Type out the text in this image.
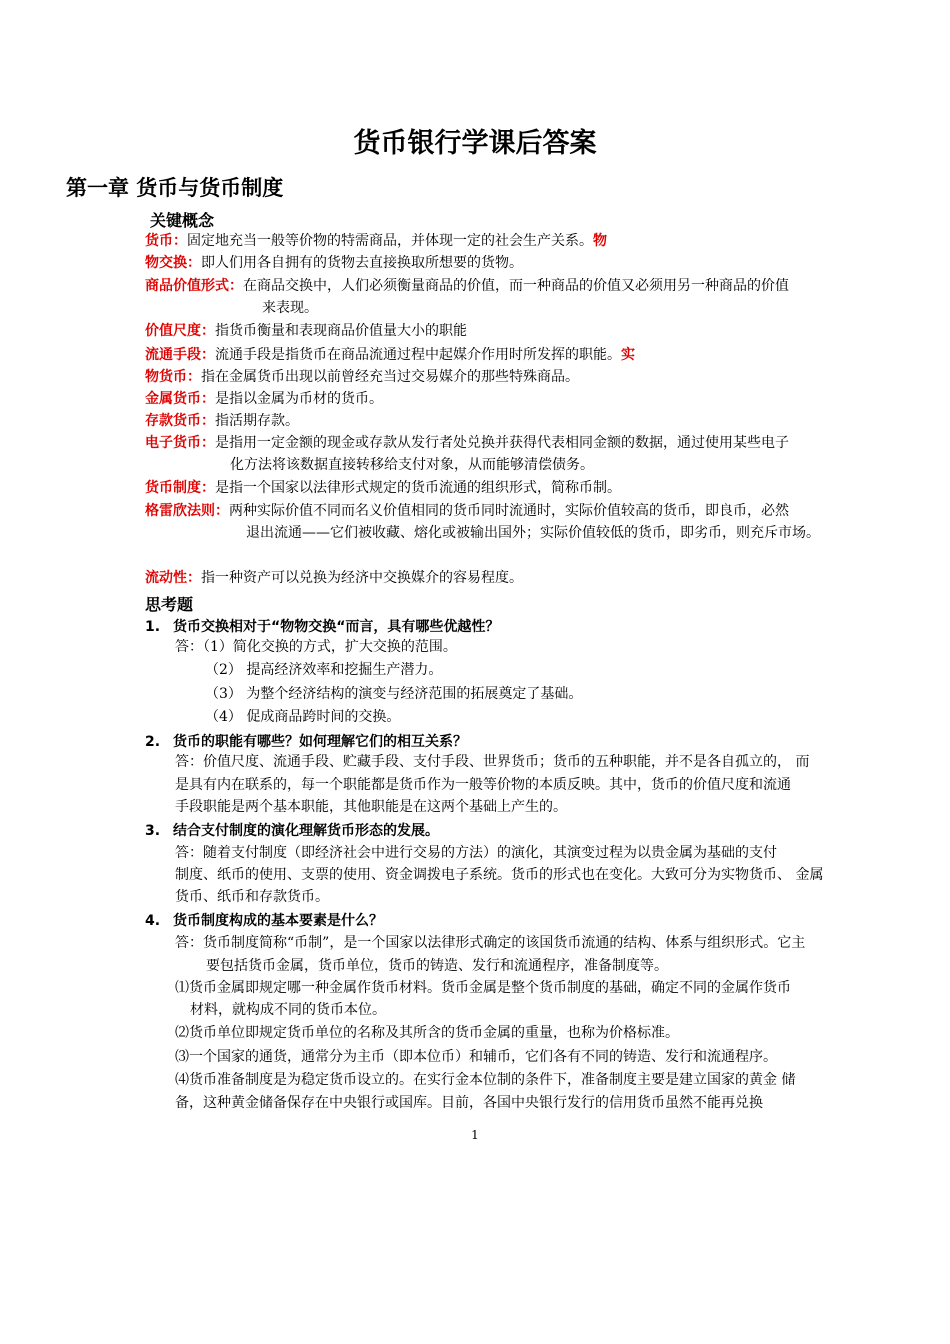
货币银行学课后答案
第一章 货币与货币制度
关键概念
货币：固定地充当一般等价物的特需商品，并体现一定的社会生产关系。物
物交换：即人们用各自拥有的货物去直接换取所想要的货物。
商品价值形式：在商品交换中，人们必须衡量商品的价值，而一种商品的价值又必须用另一种商品的价值
来表现。
价值尺度：指货币衡量和表现商品价值量大小的职能
流通手段：流通手段是指货币在商品流通过程中起媒介作用时所发挥的职能。实
物货币：指在金属货币出现以前曾经充当过交易媒介的那些特殊商品。
金属货币：是指以金属为币材的货币。
存款货币：指活期存款。
电子货币：是指用一定金额的现金或存款从发行者处兑换并获得代表相同金额的数据，通过使用某些电子
化方法将该数据直接转移给支付对象，从而能够清偿债务。
货币制度：是指一个国家以法律形式规定的货币流通的组织形式，简称币制。
格雷欣法则：两种实际价值不同而名义价值相同的货币同时流通时，实际价值较高的货币，即良币，必然
退出流通——它们被收藏、熔化或被输出国外；实际价值较低的货币，即劣币，则充斥市场。
流动性：指一种资产可以兑换为经济中交换媒介的容易程度。
思考题
1. 货币交换相对于“物物交换“而言，具有哪些优越性？
答：（1）简化交换的方式，扩大交换的范围。
（2） 提高经济效率和挖掘生产潜力。
（3） 为整个经济结构的演变与经济范围的拓展奠定了基础。
（4） 促成商品跨时间的交换。
2. 货币的职能有哪些？如何理解它们的相互关系？
答：价值尺度、流通手段、贮藏手段、支付手段、世界货币；货币的五种职能，并不是各自孤立的， 而
是具有内在联系的，每一个职能都是货币作为一般等价物的本质反映。其中，货币的价值尺度和流通
手段职能是两个基本职能，其他职能是在这两个基础上产生的。
3. 结合支付制度的演化理解货币形态的发展。
答：随着支付制度（即经济社会中进行交易的方法）的演化，其演变过程为以贵金属为基础的支付
制度、纸币的使用、支票的使用、资金调拨电子系统。货币的形式也在变化。大致可分为实物货币、 金属
货币、纸币和存款货币。
4. 货币制度构成的基本要素是什么？
答：货币制度简称“币制”，是一个国家以法律形式确定的该国货币流通的结构、体系与组织形式。它主
要包括货币金属，货币单位，货币的铸造、发行和流通程序，准备制度等。
⑴货币金属即规定哪一种金属作货币材料。货币金属是整个货币制度的基础，确定不同的金属作货币
材料，就构成不同的货币本位。
⑵货币单位即规定货币单位的名称及其所含的货币金属的重量，也称为价格标准。
⑶一个国家的通货，通常分为主币（即本位币）和辅币，它们各有不同的铸造、发行和流通程序。
⑷货币准备制度是为稳定货币设立的。在实行金本位制的条件下，准备制度主要是建立国家的黄金 储
备，这种黄金储备保存在中央银行或国库。目前，各国中央银行发行的信用货币虽然不能再兑换
1
